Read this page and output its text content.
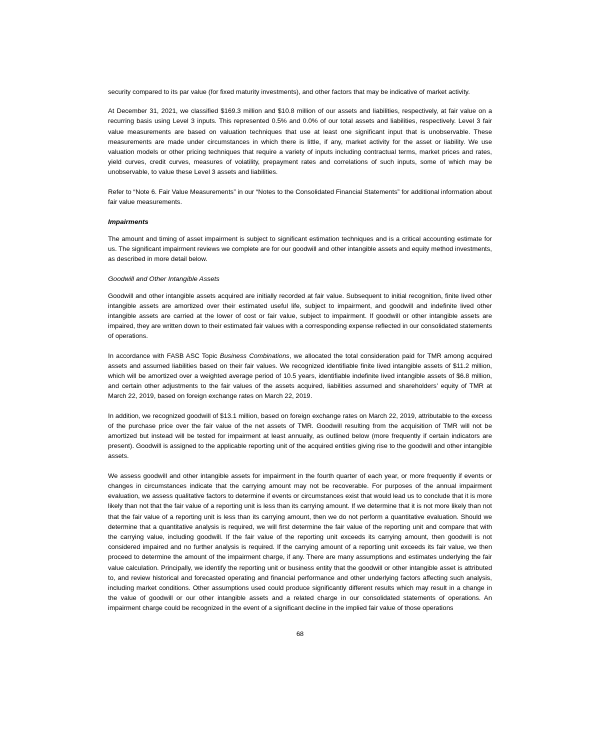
security compared to its par value (for fixed maturity investments), and other factors that may be indicative of market activity.

At December 31, 2021, we classified $169.3 million and $10.8 million of our assets and liabilities, respectively, at fair value on a recurring basis using Level 3 inputs. This represented 0.5% and 0.0% of our total assets and liabilities, respectively. Level 3 fair value measurements are based on valuation techniques that use at least one significant input that is unobservable. These measurements are made under circumstances in which there is little, if any, market activity for the asset or liability. We use valuation models or other pricing techniques that require a variety of inputs including contractual terms, market prices and rates, yield curves, credit curves, measures of volatility, prepayment rates and correlations of such inputs, some of which may be unobservable, to value these Level 3 assets and liabilities.

Refer to “Note 6. Fair Value Measurements” in our “Notes to the Consolidated Financial Statements” for additional information about fair value measurements.

Impairments

The amount and timing of asset impairment is subject to significant estimation techniques and is a critical accounting estimate for us. The significant impairment reviews we complete are for our goodwill and other intangible assets and equity method investments, as described in more detail below.

Goodwill and Other Intangible Assets

Goodwill and other intangible assets acquired are initially recorded at fair value. Subsequent to initial recognition, finite lived other intangible assets are amortized over their estimated useful life, subject to impairment, and goodwill and indefinite lived other intangible assets are carried at the lower of cost or fair value, subject to impairment. If goodwill or other intangible assets are impaired, they are written down to their estimated fair values with a corresponding expense reflected in our consolidated statements of operations.

In accordance with FASB ASC Topic Business Combinations, we allocated the total consideration paid for TMR among acquired assets and assumed liabilities based on their fair values. We recognized identifiable finite lived intangible assets of $11.2 million, which will be amortized over a weighted average period of 10.5 years, identifiable indefinite lived intangible assets of $6.8 million, and certain other adjustments to the fair values of the assets acquired, liabilities assumed and shareholders' equity of TMR at March 22, 2019, based on foreign exchange rates on March 22, 2019.

In addition, we recognized goodwill of $13.1 million, based on foreign exchange rates on March 22, 2019, attributable to the excess of the purchase price over the fair value of the net assets of TMR. Goodwill resulting from the acquisition of TMR will not be amortized but instead will be tested for impairment at least annually, as outlined below (more frequently if certain indicators are present). Goodwill is assigned to the applicable reporting unit of the acquired entities giving rise to the goodwill and other intangible assets.

We assess goodwill and other intangible assets for impairment in the fourth quarter of each year, or more frequently if events or changes in circumstances indicate that the carrying amount may not be recoverable. For purposes of the annual impairment evaluation, we assess qualitative factors to determine if events or circumstances exist that would lead us to conclude that it is more likely than not that the fair value of a reporting unit is less than its carrying amount. If we determine that it is not more likely than not that the fair value of a reporting unit is less than its carrying amount, then we do not perform a quantitative evaluation. Should we determine that a quantitative analysis is required, we will first determine the fair value of the reporting unit and compare that with the carrying value, including goodwill. If the fair value of the reporting unit exceeds its carrying amount, then goodwill is not considered impaired and no further analysis is required. If the carrying amount of a reporting unit exceeds its fair value, we then proceed to determine the amount of the impairment charge, if any. There are many assumptions and estimates underlying the fair value calculation. Principally, we identify the reporting unit or business entity that the goodwill or other intangible asset is attributed to, and review historical and forecasted operating and financial performance and other underlying factors affecting such analysis, including market conditions. Other assumptions used could produce significantly different results which may result in a change in the value of goodwill or our other intangible assets and a related charge in our consolidated statements of operations. An impairment charge could be recognized in the event of a significant decline in the implied fair value of those operations

68
